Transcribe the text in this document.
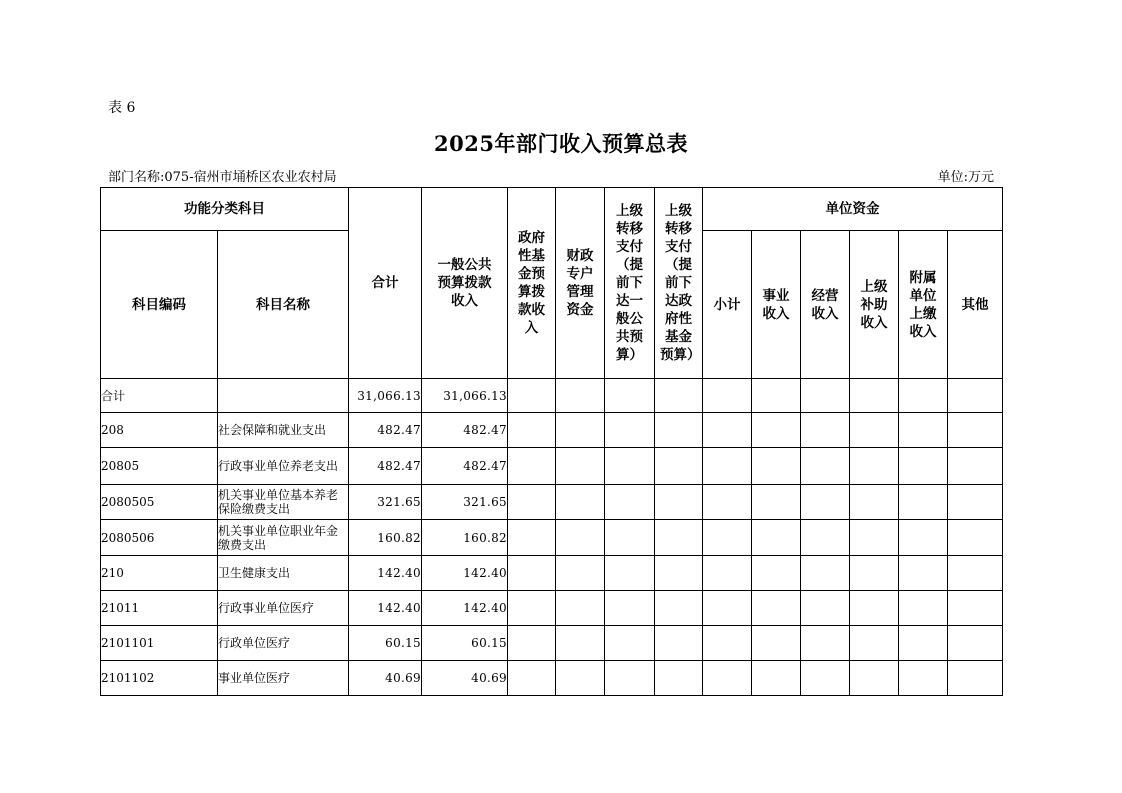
表 6
2025年部门收入预算总表
部门名称:075-宿州市埇桥区农业农村局	单位:万元
功能分类科目		合计	一般公共预算拨款收入	政府性基金预算拨款收入	财政专户管理资金	上级转移支付（提前下达一般公共预算）	上级转移支付（提前下达政府性基金预算）	单位资金					
科目编码	科目名称							小计	事业收入	经营收入	上级补助收入	附属单位上缴收入	其他
合计		31,066.13	31,066.13										
208	社会保障和就业支出	482.47	482.47										
20805	行政事业单位养老支出	482.47	482.47										
2080505	机关事业单位基本养老保险缴费支出	321.65	321.65										
2080506	机关事业单位职业年金缴费支出	160.82	160.82										
210	卫生健康支出	142.40	142.40										
21011	行政事业单位医疗	142.40	142.40										
2101101	行政单位医疗	60.15	60.15										
2101102	事业单位医疗	40.69	40.69										
